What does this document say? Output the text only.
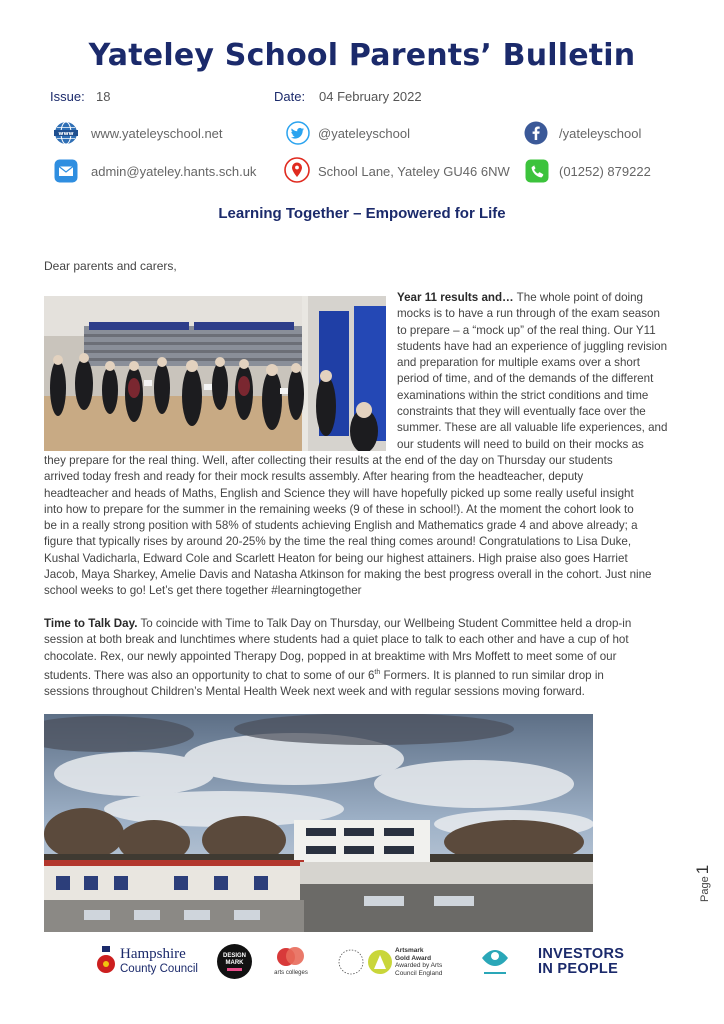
Yateley School Parents’ Bulletin
Issue: 18	Date: 04 February 2022
www www.yateleyschool.net	@yateleyschool	/yateleyschool
admin@yateley.hants.sch.uk	School Lane, Yateley GU46 6NW	(01252) 879222
Learning Together – Empowered for Life
Dear parents and carers,
Year 11 results and… The whole point of doing
mocks is to have a run through of the exam season
to prepare – a “mock up” of the real thing. Our Y11
students have had an experience of juggling revision
and preparation for multiple exams over a short
period of time, and of the demands of the different
examinations within the strict conditions and time
constraints that they will eventually face over the
summer. These are all valuable life experiences, and
our students will need to build on their mocks as
they prepare for the real thing. Well, after collecting their results at the end of the day on Thursday our students
arrived today fresh and ready for their mock results assembly. After hearing from the headteacher, deputy
headteacher and heads of Maths, English and Science they will have hopefully picked up some really useful insight
into how to prepare for the summer in the remaining weeks (9 of these in school!). At the moment the cohort look to
be in a really strong position with 58% of students achieving English and Mathematics grade 4 and above already; a
figure that typically rises by around 20-25% by the time the real thing comes around! Congratulations to Lisa Duke,
Kushal Vadicharla, Edward Cole and Scarlett Heaton for being our highest attainers. High praise also goes Harriet
Jacob, Maya Sharkey, Amelie Davis and Natasha Atkinson for making the best progress overall in the cohort. Just nine
school weeks to go! Let’s get there together #learningtogether
Time to Talk Day. To coincide with Time to Talk Day on Thursday, our Wellbeing Student Committee held a drop-in
session at both break and lunchtimes where students had a quiet place to talk to each other and have a cup of hot
chocolate. Rex, our newly appointed Therapy Dog, popped in at breaktime with Mrs Moffett to meet some of our
students. There was also an opportunity to chat to some of our 6th Formers. It is planned to run similar drop in
sessions throughout Children’s Mental Health Week next week and with regular sessions moving forward.
Page1
Hampshire
County Council
DESIGN MARK
arts colleges
Artsmark
Gold Award
Awarded by Arts
Council England
INVESTORS
IN PEOPLE
